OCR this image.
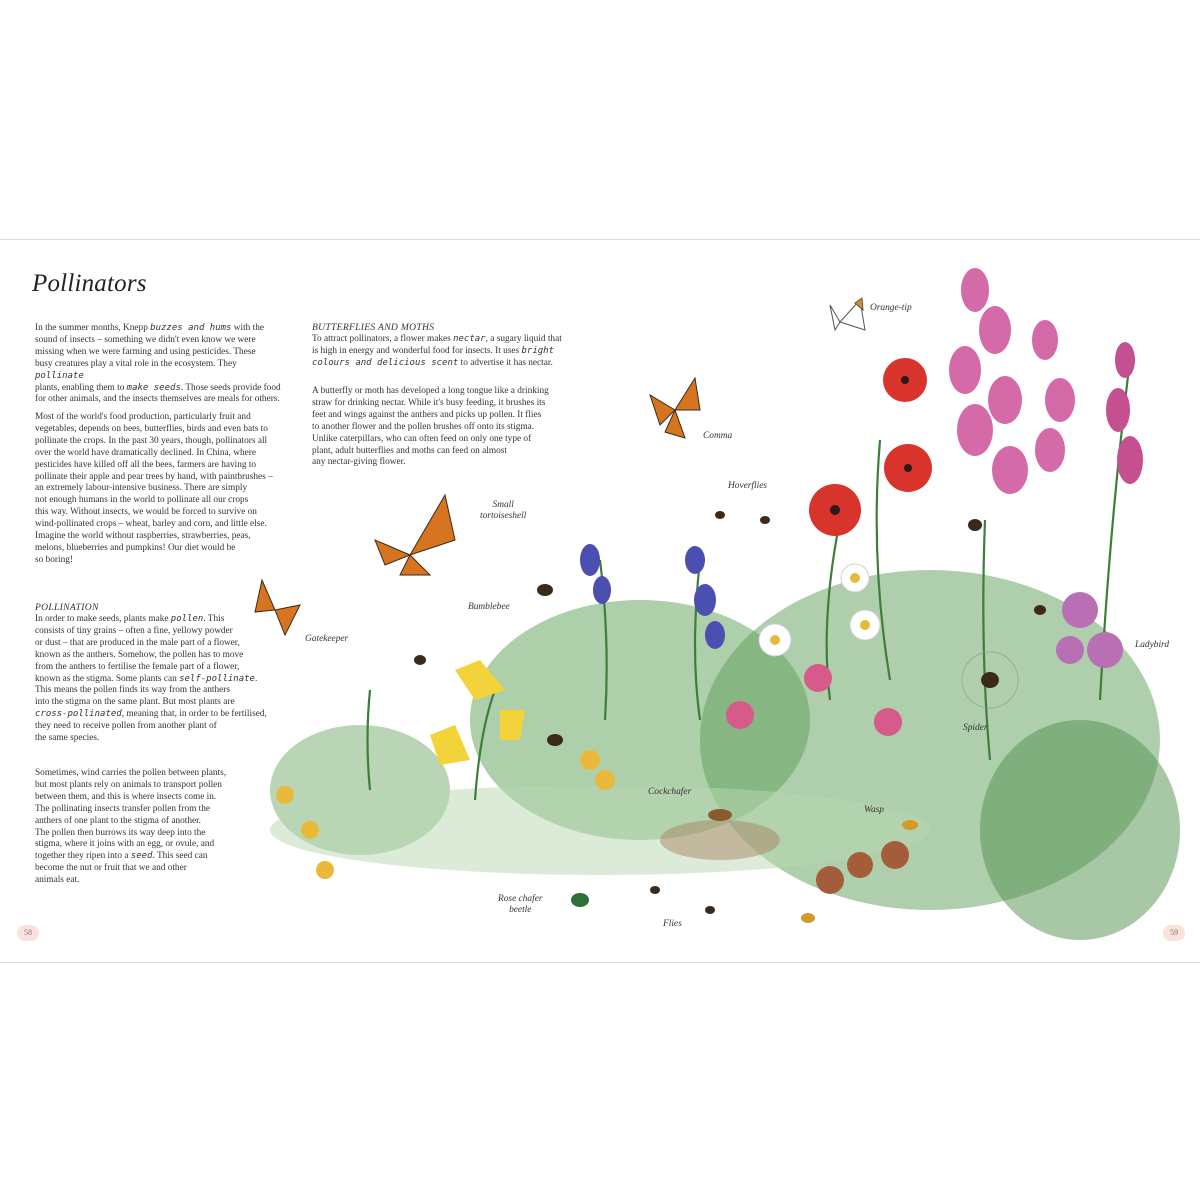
Pollinators
In the summer months, Knepp buzzes and hums with the
sound of insects – something we didn't even know we were
missing when we were farming and using pesticides. These
busy creatures play a vital role in the ecosystem. They pollinate
plants, enabling them to make seeds. Those seeds provide food
for other animals, and the insects themselves are meals for others.
Most of the world's food production, particularly fruit and
vegetables, depends on bees, butterflies, birds and even bats to
pollinate the crops. In the past 30 years, though, pollinators all
over the world have dramatically declined. In China, where
pesticides have killed off all the bees, farmers are having to
pollinate their apple and pear trees by hand, with paintbrushes –
an extremely labour-intensive business. There are simply
not enough humans in the world to pollinate all our crops
this way. Without insects, we would be forced to survive on
wind-pollinated crops – wheat, barley and corn, and little else.
Imagine the world without raspberries, strawberries, peas,
melons, blueberries and pumpkins! Our diet would be
so boring!
POLLINATION
In order to make seeds, plants make pollen. This
consists of tiny grains – often a fine, yellowy powder
or dust – that are produced in the male part of a flower,
known as the anthers. Somehow, the pollen has to move
from the anthers to fertilise the female part of a flower,
known as the stigma. Some plants can self-pollinate.
This means the pollen finds its way from the anthers
into the stigma on the same plant. But most plants are
cross-pollinated, meaning that, in order to be fertilised,
they need to receive pollen from another plant of
the same species.
Sometimes, wind carries the pollen between plants,
but most plants rely on animals to transport pollen
between them, and this is where insects come in.
The pollinating insects transfer pollen from the
anthers of one plant to the stigma of another.
The pollen then burrows its way deep into the
stigma, where it joins with an egg, or ovule, and
together they ripen into a seed. This seed can
become the nut or fruit that we and other
animals eat.
BUTTERFLIES AND MOTHS
To attract pollinators, a flower makes nectar, a sugary liquid that
is high in energy and wonderful food for insects. It uses bright
colours and delicious scent to advertise it has nectar.
A butterfly or moth has developed a long tongue like a drinking
straw for drinking nectar. While it's busy feeding, it brushes its
feet and wings against the anthers and picks up pollen. It flies
to another flower and the pollen brushes off onto its stigma.
Unlike caterpillars, who can often feed on only one type of
plant, adult butterflies and moths can feed on almost
any nectar-giving flower.
Orange-tip
Comma
Small
tortoiseshell
Hoverflies
Bumblebee
Gatekeeper
Ladybird
Spider
Cockchafer
Wasp
Rose chafer
beetle
Flies
58	59
